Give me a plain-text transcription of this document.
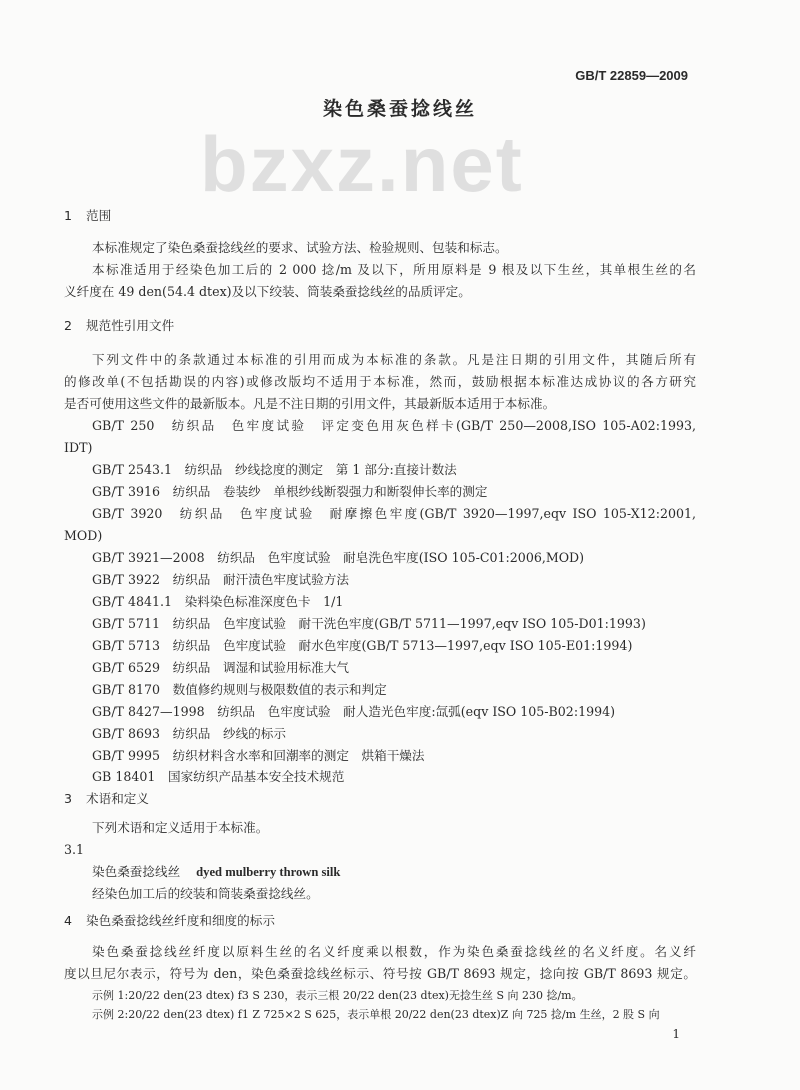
GB/T 22859—2009
染色桑蚕捻线丝
bzxz.net
1 范围
本标准规定了染色桑蚕捻线丝的要求、试验方法、检验规则、包装和标志。
本标准适用于经染色加工后的 2 000 捻/m 及以下，所用原料是 9 根及以下生丝，其单根生丝的名
义纤度在 49 den(54.4 dtex)及以下绞装、筒装桑蚕捻线丝的品质评定。
2 规范性引用文件
下列文件中的条款通过本标准的引用而成为本标准的条款。凡是注日期的引用文件，其随后所有
的修改单(不包括勘误的内容)或修改版均不适用于本标准，然而，鼓励根据本标准达成协议的各方研究
是否可使用这些文件的最新版本。凡是不注日期的引用文件，其最新版本适用于本标准。
GB/T 250　纺织品　色牢度试验　评定变色用灰色样卡(GB/T 250—2008,ISO 105-A02:1993,
IDT)
GB/T 2543.1　纺织品　纱线捻度的测定　第 1 部分:直接计数法
GB/T 3916　纺织品　卷装纱　单根纱线断裂强力和断裂伸长率的测定
GB/T 3920　纺织品　色牢度试验　耐摩擦色牢度(GB/T 3920—1997,eqv ISO 105-X12:2001,
MOD)
GB/T 3921—2008　纺织品　色牢度试验　耐皂洗色牢度(ISO 105-C01:2006,MOD)
GB/T 3922　纺织品　耐汗渍色牢度试验方法
GB/T 4841.1　染料染色标准深度色卡　1/1
GB/T 5711　纺织品　色牢度试验　耐干洗色牢度(GB/T 5711—1997,eqv ISO 105-D01:1993)
GB/T 5713　纺织品　色牢度试验　耐水色牢度(GB/T 5713—1997,eqv ISO 105-E01:1994)
GB/T 6529　纺织品　调湿和试验用标准大气
GB/T 8170　数值修约规则与极限数值的表示和判定
GB/T 8427—1998　纺织品　色牢度试验　耐人造光色牢度:氙弧(eqv ISO 105-B02:1994)
GB/T 8693　纺织品　纱线的标示
GB/T 9995　纺织材料含水率和回潮率的测定　烘箱干燥法
GB 18401　国家纺织产品基本安全技术规范
3 术语和定义
下列术语和定义适用于本标准。
3.1
染色桑蚕捻线丝 dyed mulberry thrown silk
经染色加工后的绞装和筒装桑蚕捻线丝。
4 染色桑蚕捻线丝纤度和细度的标示
染色桑蚕捻线丝纤度以原料生丝的名义纤度乘以根数，作为染色桑蚕捻线丝的名义纤度。名义纤
度以旦尼尔表示，符号为 den，染色桑蚕捻线丝标示、符号按 GB/T 8693 规定，捻向按 GB/T 8693 规定。
示例 1:20/22 den(23 dtex) f3 S 230，表示三根 20/22 den(23 dtex)无捻生丝 S 向 230 捻/m。
示例 2:20/22 den(23 dtex) f1 Z 725×2 S 625，表示单根 20/22 den(23 dtex)Z 向 725 捻/m 生丝，2 股 S 向
1
